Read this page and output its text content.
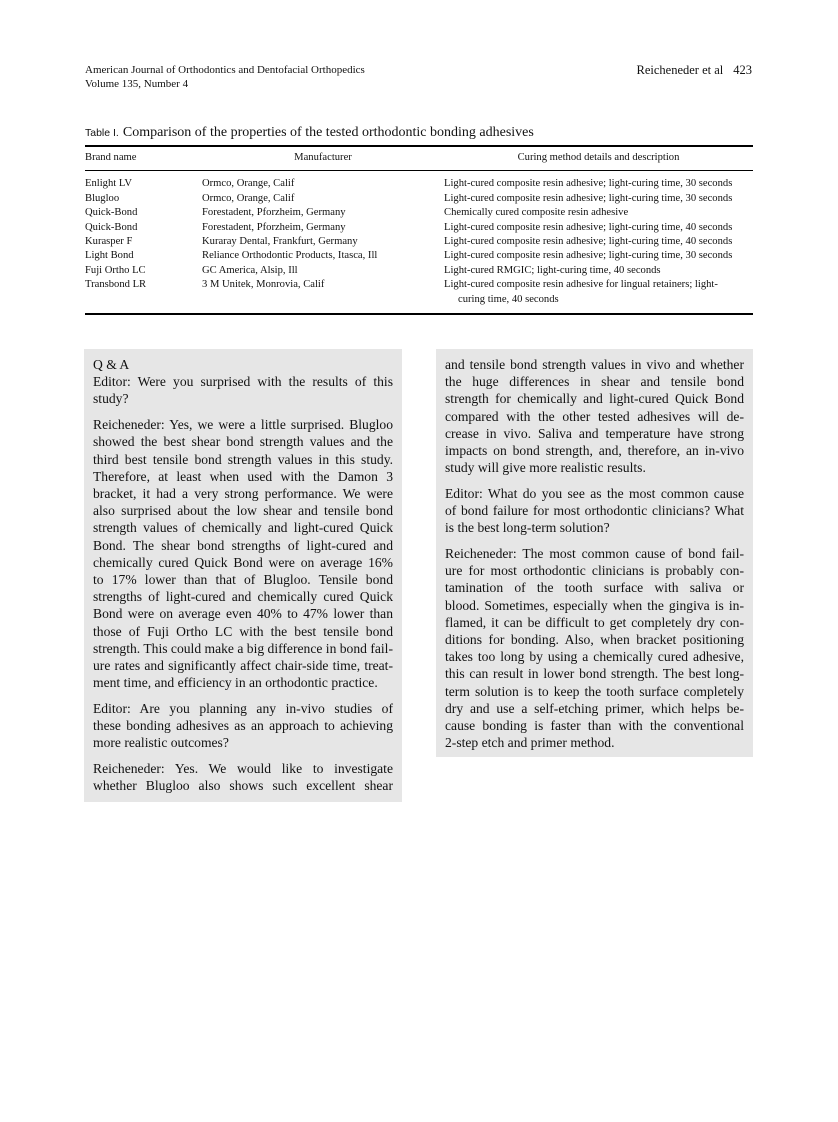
American Journal of Orthodontics and Dentofacial Orthopedics
Volume 135, Number 4
Reicheneder et al 423
Table I. Comparison of the properties of the tested orthodontic bonding adhesives
Brand name	Manufacturer	Curing method details and description
Enlight LV	Ormco, Orange, Calif	Light-cured composite resin adhesive; light-curing time, 30 seconds
Blugloo	Ormco, Orange, Calif	Light-cured composite resin adhesive; light-curing time, 30 seconds
Quick-Bond	Forestadent, Pforzheim, Germany	Chemically cured composite resin adhesive
Quick-Bond	Forestadent, Pforzheim, Germany	Light-cured composite resin adhesive; light-curing time, 40 seconds
Kurasper F	Kuraray Dental, Frankfurt, Germany	Light-cured composite resin adhesive; light-curing time, 40 seconds
Light Bond	Reliance Orthodontic Products, Itasca, Ill	Light-cured composite resin adhesive; light-curing time, 30 seconds
Fuji Ortho LC	GC America, Alsip, Ill	Light-cured RMGIC; light-curing time, 40 seconds
Transbond LR	3 M Unitek, Monrovia, Calif	Light-cured composite resin adhesive for lingual retainers; light-
curing time, 40 seconds
Q & A
Editor: Were you surprised with the results of this
study?
Reicheneder: Yes, we were a little surprised. Blugloo
showed the best shear bond strength values and the
third best tensile bond strength values in this study.
Therefore, at least when used with the Damon 3
bracket, it had a very strong performance. We were
also surprised about the low shear and tensile bond
strength values of chemically and light-cured Quick
Bond. The shear bond strengths of light-cured and
chemically cured Quick Bond were on average 16%
to 17% lower than that of Blugloo. Tensile bond
strengths of light-cured and chemically cured Quick
Bond were on average even 40% to 47% lower than
those of Fuji Ortho LC with the best tensile bond
strength. This could make a big difference in bond fail-
ure rates and significantly affect chair-side time, treat-
ment time, and efficiency in an orthodontic practice.
Editor: Are you planning any in-vivo studies of
these bonding adhesives as an approach to achieving
more realistic outcomes?
Reicheneder: Yes. We would like to investigate
whether Blugloo also shows such excellent shear
and tensile bond strength values in vivo and whether
the huge differences in shear and tensile bond
strength for chemically and light-cured Quick Bond
compared with the other tested adhesives will de-
crease in vivo. Saliva and temperature have strong
impacts on bond strength, and, therefore, an in-vivo
study will give more realistic results.
Editor: What do you see as the most common cause
of bond failure for most orthodontic clinicians? What
is the best long-term solution?
Reicheneder: The most common cause of bond fail-
ure for most orthodontic clinicians is probably con-
tamination of the tooth surface with saliva or
blood. Sometimes, especially when the gingiva is in-
flamed, it can be difficult to get completely dry con-
ditions for bonding. Also, when bracket positioning
takes too long by using a chemically cured adhesive,
this can result in lower bond strength. The best long-
term solution is to keep the tooth surface completely
dry and use a self-etching primer, which helps be-
cause bonding is faster than with the conventional
2-step etch and primer method.
